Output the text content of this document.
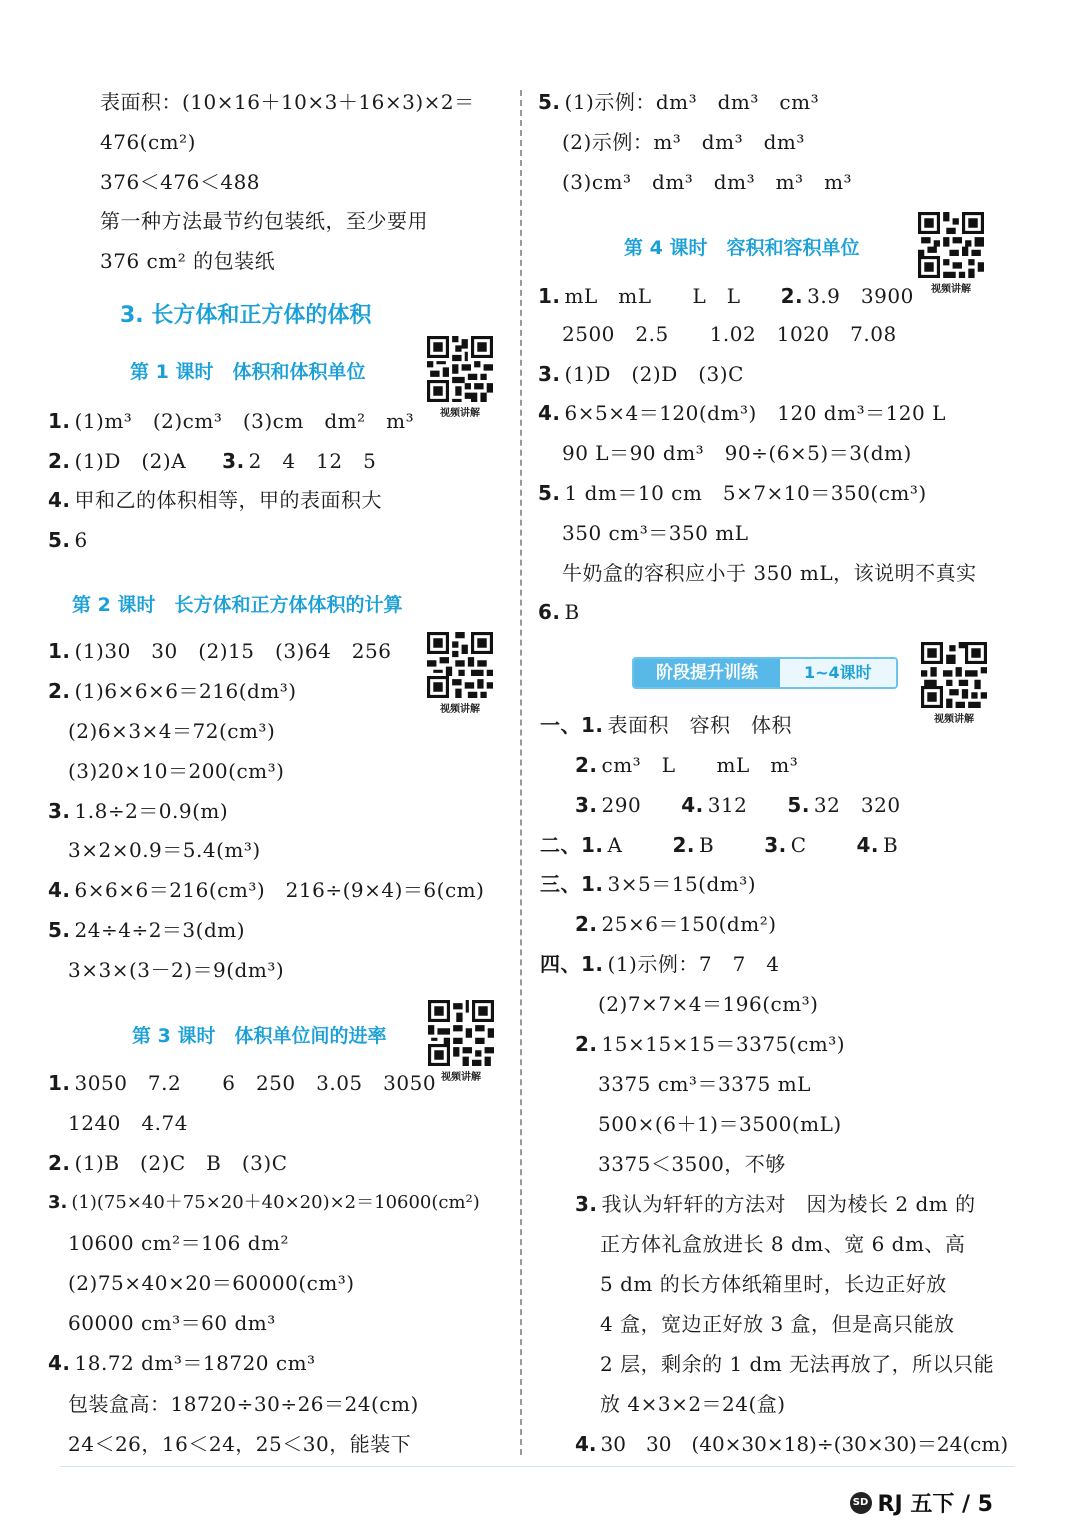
表面积：(10×16＋10×3＋16×3)×2＝
476(cm²)
376＜476＜488
第一种方法最节约包装纸，至少要用
376 cm² 的包装纸
3. 长方体和正方体的体积
第 1 课时　体积和体积单位
视频讲解
1. (1)m³　(2)cm³　(3)cm　dm²　m³
2. (1)D　(2)A 3. 2　4　12　5
4. 甲和乙的体积相等，甲的表面积大
5. 6
第 2 课时　长方体和正方体体积的计算
视频讲解
1. (1)30　30　(2)15　(3)64　256
2. (1)6×6×6＝216(dm³)
(2)6×3×4＝72(cm³)
(3)20×10＝200(cm³)
3. 1.8÷2＝0.9(m)
3×2×0.9＝5.4(m³)
4. 6×6×6＝216(cm³)　216÷(9×4)＝6(cm)
5. 24÷4÷2＝3(dm)
3×3×(3－2)＝9(dm³)
第 3 课时　体积单位间的进率
视频讲解
1. 3050　7.2　　6　250　3.05　3050
1240　4.74
2. (1)B　(2)C　B　(3)C
3. (1)(75×40＋75×20＋40×20)×2＝10600(cm²)
10600 cm²＝106 dm²
(2)75×40×20＝60000(cm³)
60000 cm³＝60 dm³
4. 18.72 dm³＝18720 cm³
包装盒高：18720÷30÷26＝24(cm)
24＜26，16＜24，25＜30，能装下
5. (1)示例：dm³　dm³　cm³
(2)示例：m³　dm³　dm³
(3)cm³　dm³　dm³　m³　m³
第 4 课时　容积和容积单位
视频讲解
1. mL　mL　　L　L 2. 3.9　3900
2500　2.5　　1.02　1020　7.08
3. (1)D　(2)D　(3)C
4. 6×5×4＝120(dm³)　120 dm³＝120 L
90 L＝90 dm³　90÷(6×5)＝3(dm)
5. 1 dm＝10 cm　5×7×10＝350(cm³)
350 cm³＝350 mL
牛奶盒的容积应小于 350 mL，该说明不真实
6. B
阶段提升训练	1~4课时
视频讲解
一、1. 表面积　容积　体积
2. cm³　L　　mL　m³
3. 290 4. 312 5. 32　320
二、1. A	2. B	3. C	4. B
三、1. 3×5＝15(dm³)
2. 25×6＝150(dm²)
四、1. (1)示例：7　7　4
(2)7×7×4＝196(cm³)
2. 15×15×15＝3375(cm³)
3375 cm³＝3375 mL
500×(6＋1)＝3500(mL)
3375＜3500，不够
3. 我认为轩轩的方法对　因为棱长 2 dm 的
正方体礼盒放进长 8 dm、宽 6 dm、高
5 dm 的长方体纸箱里时，长边正好放
4 盒，宽边正好放 3 盒，但是高只能放
2 层，剩余的 1 dm 无法再放了，所以只能
放 4×3×2＝24(盒)
4. 30　30　(40×30×18)÷(30×30)＝24(cm)
SD RJ 五下 / 5
